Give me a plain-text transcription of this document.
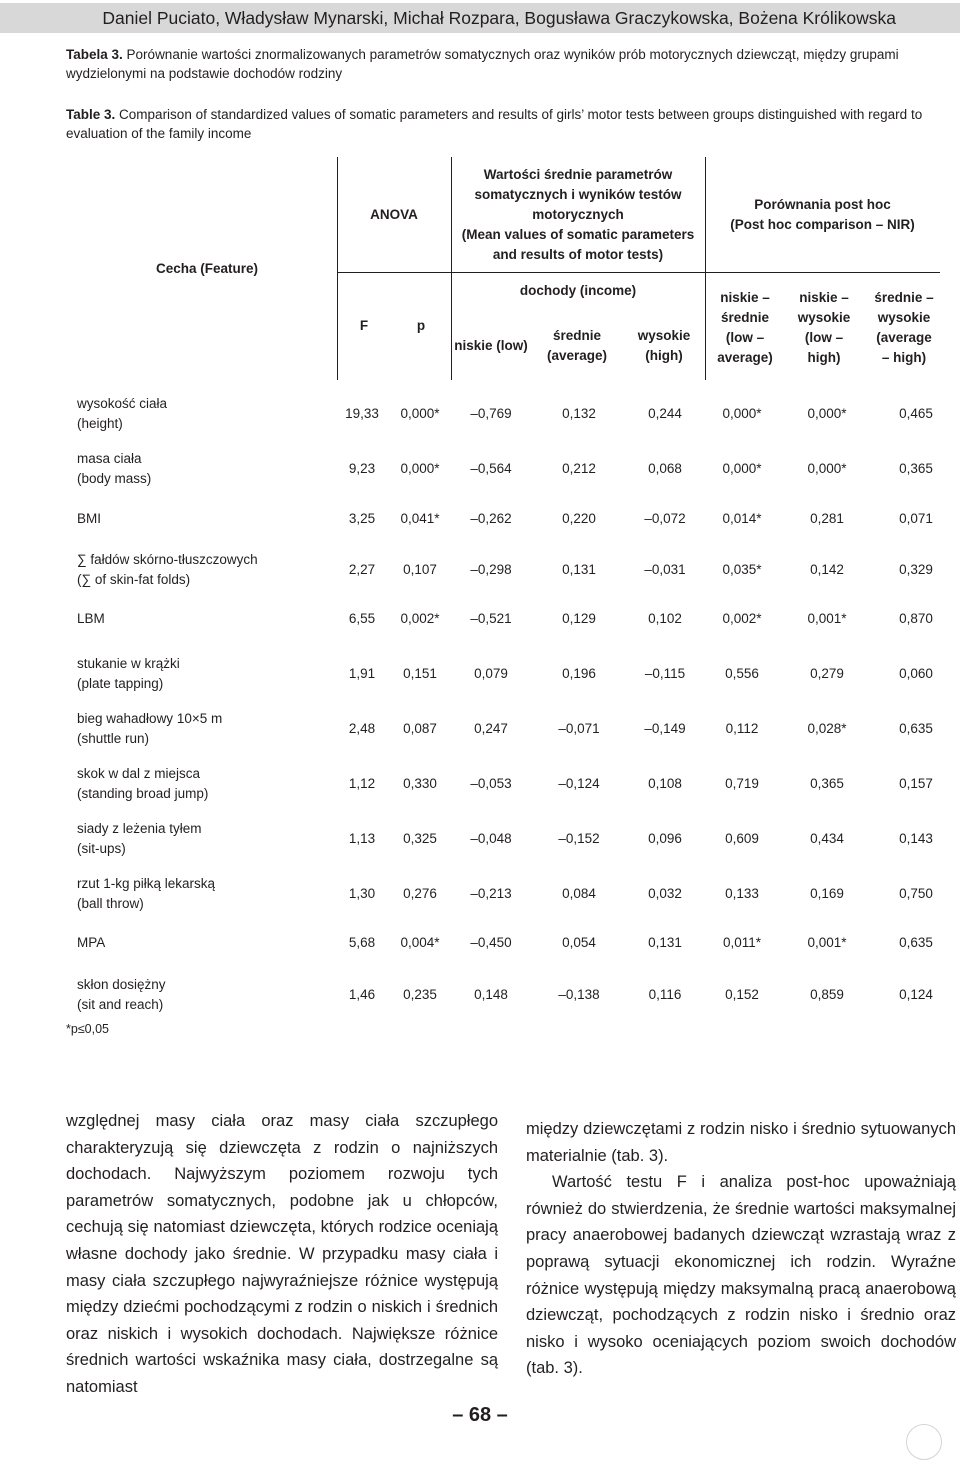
Daniel Puciato, Władysław Mynarski, Michał Rozpara, Bogusława Graczykowska, Bożena Królikowska
Tabela 3. Porównanie wartości znormalizowanych parametrów somatycznych oraz wyników prób motorycznych dziewcząt, między grupami wydzielonymi na podstawie dochodów rodziny
Table 3. Comparison of standardized values of somatic parameters and results of girls’ motor tests between groups distinguished with regard to evaluation of the family income
Cecha (Feature)
ANOVA
F	p
Wartości średnie parametrów somatycznych i wyników testów motorycznych
(Mean values of somatic parameters and results of motor tests)
dochody (income)
niskie (low)
średnie (average)
wysokie (high)
Porównania post hoc
(Post hoc comparison – NIR)
niskie – średnie (low – average)
niskie – wysokie (low – high)
średnie – wysokie (average – high)
wysokość ciała
(height)
19,33	0,000*	–0,769	0,132	0,244	0,000*	0,000*	0,465
masa ciała
(body mass)
9,23	0,000*	–0,564	0,212	0,068	0,000*	0,000*	0,365
BMI	3,25	0,041*	–0,262	0,220	–0,072	0,014*	0,281	0,071
∑ fałdów skórno-tłuszczowych
(∑ of skin-fat folds)
2,27	0,107	–0,298	0,131	–0,031	0,035*	0,142	0,329
LBM	6,55	0,002*	–0,521	0,129	0,102	0,002*	0,001*	0,870
stukanie w krążki
(plate tapping)
1,91	0,151	0,079	0,196	–0,115	0,556	0,279	0,060
bieg wahadłowy 10×5 m
(shuttle run)
2,48	0,087	0,247	–0,071	–0,149	0,112	0,028*	0,635
skok w dal z miejsca
(standing broad jump)
1,12	0,330	–0,053	–0,124	0,108	0,719	0,365	0,157
siady z leżenia tyłem
(sit-ups)
1,13	0,325	–0,048	–0,152	0,096	0,609	0,434	0,143
rzut 1-kg piłką lekarską
(ball throw)
1,30	0,276	–0,213	0,084	0,032	0,133	0,169	0,750
MPA	5,68	0,004*	–0,450	0,054	0,131	0,011*	0,001*	0,635
skłon dosiężny
(sit and reach)
1,46	0,235	0,148	–0,138	0,116	0,152	0,859	0,124
*p≤0,05

względnej masy ciała oraz masy ciała szczupłego charakteryzują się dziewczęta z rodzin o najniższych dochodach. Najwyższym poziomem rozwoju tych parametrów somatycznych, podobne jak u chłopców, cechują się natomiast dziewczęta, których rodzice oceniają własne dochody jako średnie. W przypadku masy ciała i masy ciała szczupłego najwyraźniejsze różnice występują między dziećmi pochodzącymi z rodzin o niskich i średnich oraz niskich i wysokich dochodach. Największe różnice średnich wartości wskaźnika masy ciała, dostrzegalne są natomiast

między dziewczętami z rodzin nisko i średnio sytuowanych materialnie (tab. 3).

Wartość testu F i analiza post-hoc upoważniają również do stwierdzenia, że średnie wartości maksymalnej pracy anaerobowej badanych dziewcząt wzrastają wraz z poprawą sytuacji ekonomicznej ich rodzin. Wyraźne różnice występują między maksymalną pracą anaerobową dziewcząt, pochodzących z rodzin nisko i średnio oraz nisko i wysoko oceniających poziom swoich dochodów (tab. 3).

– 68 –
